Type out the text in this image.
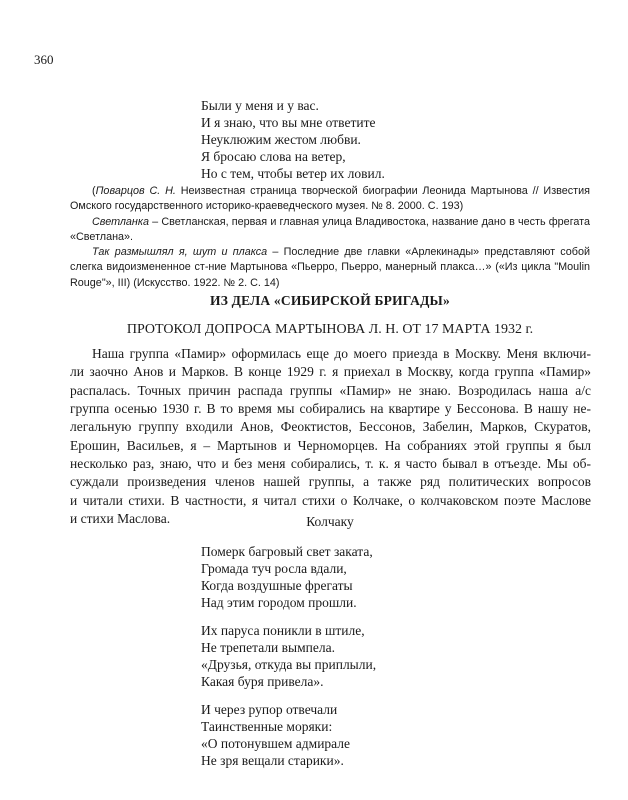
360
Были у меня и у вас.
И я знаю, что вы мне ответите
Неуклюжим жестом любви.
Я бросаю слова на ветер,
Но с тем, чтобы ветер их ловил.

(Поварцов С. Н. Неизвестная страница творческой биографии Леонида Мартынова // Известия Омского государственного историко-краеведческого музея. № 8. 2000. С. 193)

Светланка – Светланская, первая и главная улица Владивостока, название дано в честь фрегата «Светлана».

Так размышлял я, шут и плакса – Последние две главки «Арлекинады» представляют собой слегка видоизмененное ст-ние Мартынова «Пьерро, Пьерро, манерный плакса…» («Из цикла "Moulin Rouge"», III) (Искусство. 1922. № 2. С. 14)

ИЗ ДЕЛА «СИБИРСКОЙ БРИГАДЫ»
ПРОТОКОЛ ДОПРОСА МАРТЫНОВА Л. Н. ОТ 17 МАРТА 1932 г.
Наша группа «Памир» оформилась еще до моего приезда в Москву. Меня включи-
ли заочно Анов и Марков. В конце 1929 г. я приехал в Москву, когда группа «Памир»
распалась. Точных причин распада группы «Памир» не знаю. Возродилась наша а/с
группа осенью 1930 г. В то время мы собирались на квартире у Бессонова. В нашу не-
легальную группу входили Анов, Феоктистов, Бессонов, Забелин, Марков, Скуратов,
Ерошин, Васильев, я – Мартынов и Черноморцев. На собраниях этой группы я был
несколько раз, знаю, что и без меня собирались, т. к. я часто бывал в отъезде. Мы об-
суждали произведения членов нашей группы, а также ряд политических вопросов
и читали стихи. В частности, я читал стихи о Колчаке, о колчаковском поэте Маслове
и стихи Маслова.	Колчаку
Померк багровый свет заката,
Громада туч росла вдали,
Когда воздушные фрегаты
Над этим городом прошли.
Их паруса поникли в штиле,
Не трепетали вымпела.
«Друзья, откуда вы приплыли,
Какая буря привела».
И через рупор отвечали
Таинственные моряки:
«О потонувшем адмирале
Не зря вещали старики».
